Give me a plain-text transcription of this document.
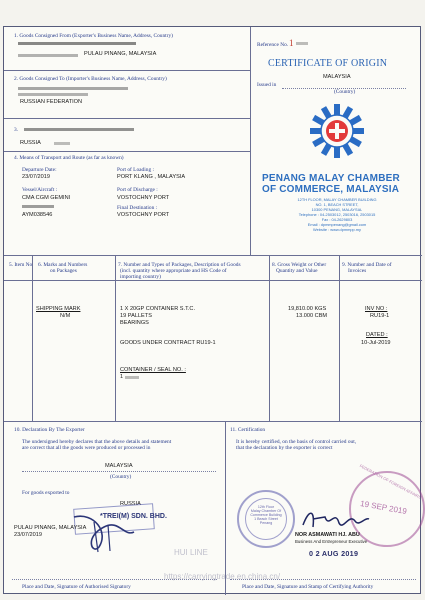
1. Goods Consigned From (Exporter's Business Name, Address, Country)
PULAU PINANG, MALAYSIA
2. Goods Consigned To (Importer's Business Name, Address, Country)
RUSSIAN FEDERATION
3.
RUSSIA
4. Means of Transport and Route (as far as known)
Departure Date:
23/07/2019
Vessel/Aircraft :
CMA CGM GEMINI
AYM038546
Port of Loading :
PORT KLANG , MALAYSIA
Port of Discharge :
VOSTOCHNY PORT
Final Destination :
VOSTOCHNY PORT
Reference No. 1
CERTIFICATE OF ORIGIN
MALAYSIA
Issued in
(Country)
PENANG MALAY CHAMBER
OF COMMERCE, MALAYSIA
12TH FLOOR, MALAY CHAMBER BUILDING
NO. 1, BEACH STREET,
10300 PENANG, MALAYSIA.
Telephone : 04-2503012, 2503016, 2503015
Fax : 04-2629803
Email : dpmmpenang@gmail.com
Website : www.dpmmpp.my
5. Item No 6. Marks and Numbers
on Packages
7. Number and Types of Packages, Description of Goods
(incl. quantity where appropriate and HS Code of
importing country)
8. Gross Weight or Other
Quantity and Value
9. Number and Date of
Invoices
SHIPPING MARK
N/M
1 X 20GP CONTAINER S.T.C.
19 PALLETS
BEARINGS
GOODS UNDER CONTRACT RU19-1
CONTAINER / SEAL NO. :
1
19,810.00 KGS
13.000 CBM
INV NO :
RU19-1
DATED :
10-Jul-2019
10. Declaration By The Exporter
The undersigned hereby declares that the above details and statement
are correct that all the goods were produced or processed in
MALAYSIA
(Country)
For goods exported to
RUSSIA
*TREI(M) SDN. BHD.
PULAU PINANG, MALAYSIA
23/07/2019
Place and Date, Signature of Authorised Signatory
11. Certification
It is hereby certified, on the basis of control carried out,
that the declaration by the exporter is correct
12th Floor
Malay Chamber Of
Commerce Building
1 Beach Street
Penang
FEDERATION OF FOREIGN AFFAIRS
19 SEP 2019
NOR ASMAWATI HJ. ABU
Business And Entrepreneur Executive
0 2 AUG 2019
Place and Date, Signature and Stamp of Certifying Authority
HUI LINE
https://carryingtrade.en.china.cn/
